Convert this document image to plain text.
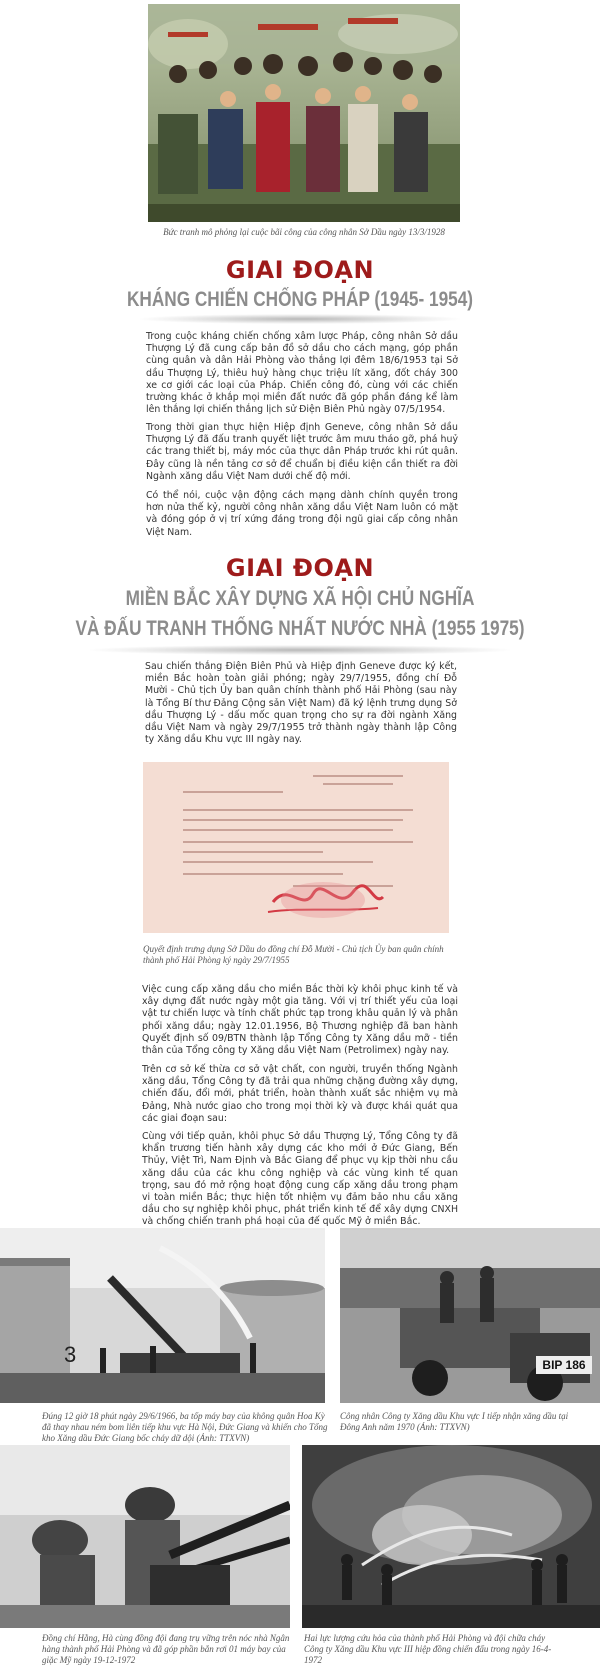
Bức tranh mô phỏng lại cuộc bãi công của công nhân Sở Dầu ngày 13/3/1928
GIAI ĐOẠN
KHÁNG CHIẾN CHỐNG PHÁP (1945- 1954)

Trong cuộc kháng chiến chống xâm lược Pháp, công nhân Sở dầu Thượng Lý đã cung cấp bản đồ sở dầu cho cách mạng, góp phần cùng quân và dân Hải Phòng vào thắng lợi đêm 18/6/1953 tại Sở dầu Thượng Lý, thiêu huỷ hàng chục triệu lít xăng, đốt cháy 300 xe cơ giới các loại của Pháp. Chiến công đó, cùng với các chiến trường khác ở khắp mọi miền đất nước đã góp phần đáng kể làm lên thắng lợi chiến thắng lịch sử Điện Biên Phủ ngày 07/5/1954.

Trong thời gian thực hiện Hiệp định Geneve, công nhân Sở dầu Thượng Lý đã đấu tranh quyết liệt trước âm mưu tháo gỡ, phá huỷ các trang thiết bị, máy móc của thực dân Pháp trước khi rút quân. Đây cũng là nền tảng cơ sở để chuẩn bị điều kiện cần thiết ra đời Ngành xăng dầu Việt Nam dưới chế độ mới.

Có thể nói, cuộc vận động cách mạng dành chính quyền trong hơn nửa thế kỷ, người công nhân xăng dầu Việt Nam luôn có mặt và đóng góp ở vị trí xứng đáng trong đội ngũ giai cấp công nhân Việt Nam.

GIAI ĐOẠN
MIỀN BẮC XÂY DỰNG XÃ HỘI CHỦ NGHĨA
VÀ ĐẤU TRANH THỐNG NHẤT NƯỚC NHÀ (1955 1975)

Sau chiến thắng Điện Biên Phủ và Hiệp định Geneve được ký kết, miền Bắc hoàn toàn giải phóng; ngày 29/7/1955, đồng chí Đỗ Mười - Chủ tịch Ủy ban quân chính thành phố Hải Phòng (sau này là Tổng Bí thư Đảng Cộng sản Việt Nam) đã ký lệnh trưng dụng Sở dầu Thượng Lý - dấu mốc quan trọng cho sự ra đời ngành Xăng dầu Việt Nam và ngày 29/7/1955 trở thành ngày thành lập Công ty Xăng dầu Khu vực III ngày nay.

Quyết định trưng dụng Sở Dầu do đồng chí Đỗ Mười - Chủ tịch Ủy ban quân chính thành phố Hải Phòng ký ngày 29/7/1955

Việc cung cấp xăng dầu cho miền Bắc thời kỳ khôi phục kinh tế và xây dựng đất nước ngày một gia tăng. Với vị trí thiết yếu của loại vật tư chiến lược và tính chất phức tạp trong khâu quản lý và phân phối xăng dầu; ngày 12.01.1956, Bộ Thương nghiệp đã ban hành Quyết định số 09/BTN thành lập Tổng Công ty Xăng dầu mỡ - tiền thân của Tổng công ty Xăng dầu Việt Nam (Petrolimex) ngày nay.

Trên cơ sở kế thừa cơ sở vật chất, con người, truyền thống Ngành xăng dầu, Tổng Công ty đã trải qua những chặng đường xây dựng, chiến đấu, đổi mới, phát triển, hoàn thành xuất sắc nhiệm vụ mà Đảng, Nhà nước giao cho trong mọi thời kỳ và được khái quát qua các giai đoạn sau:

Cùng với tiếp quản, khôi phục Sở dầu Thượng Lý, Tổng Công ty đã khẩn trương tiến hành xây dựng các kho mới ở Đức Giang, Bến Thủy, Việt Trì, Nam Định và Bắc Giang để phục vụ kịp thời nhu cầu xăng dầu của các khu công nghiệp và các vùng kinh tế quan trọng, sau đó mở rộng hoạt động cung cấp xăng dầu trong phạm vi toàn miền Bắc; thực hiện tốt nhiệm vụ đảm bảo nhu cầu xăng dầu cho sự nghiệp khôi phục, phát triển kinh tế để xây dựng CNXH và chống chiến tranh phá hoại của đế quốc Mỹ ở miền Bắc.

3
Đúng 12 giờ 18 phút ngày 29/6/1966, ba tốp máy bay của không quân Hoa Kỳ đã thay nhau ném bom liên tiếp khu vực Hà Nội, Đức Giang và khiến cho Tổng kho Xăng dầu Đức Giang bốc cháy dữ dội (Ảnh: TTXVN)
BIP 186
Công nhân Công ty Xăng dầu Khu vực I tiếp nhận xăng dầu tại Đông Anh năm 1970 (Ảnh: TTXVN)
Đồng chí Hằng, Hà cùng đồng đội đang trụ vững trên nóc nhà Ngân hàng thành phố Hải Phòng và đã góp phần bắn rơi 01 máy bay của giặc Mỹ ngày 19-12-1972
Hai lực lượng cứu hỏa của thành phố Hải Phòng và đội chữa cháy Công ty Xăng dầu Khu vực III hiệp đồng chiến đấu trong ngày 16-4-1972
